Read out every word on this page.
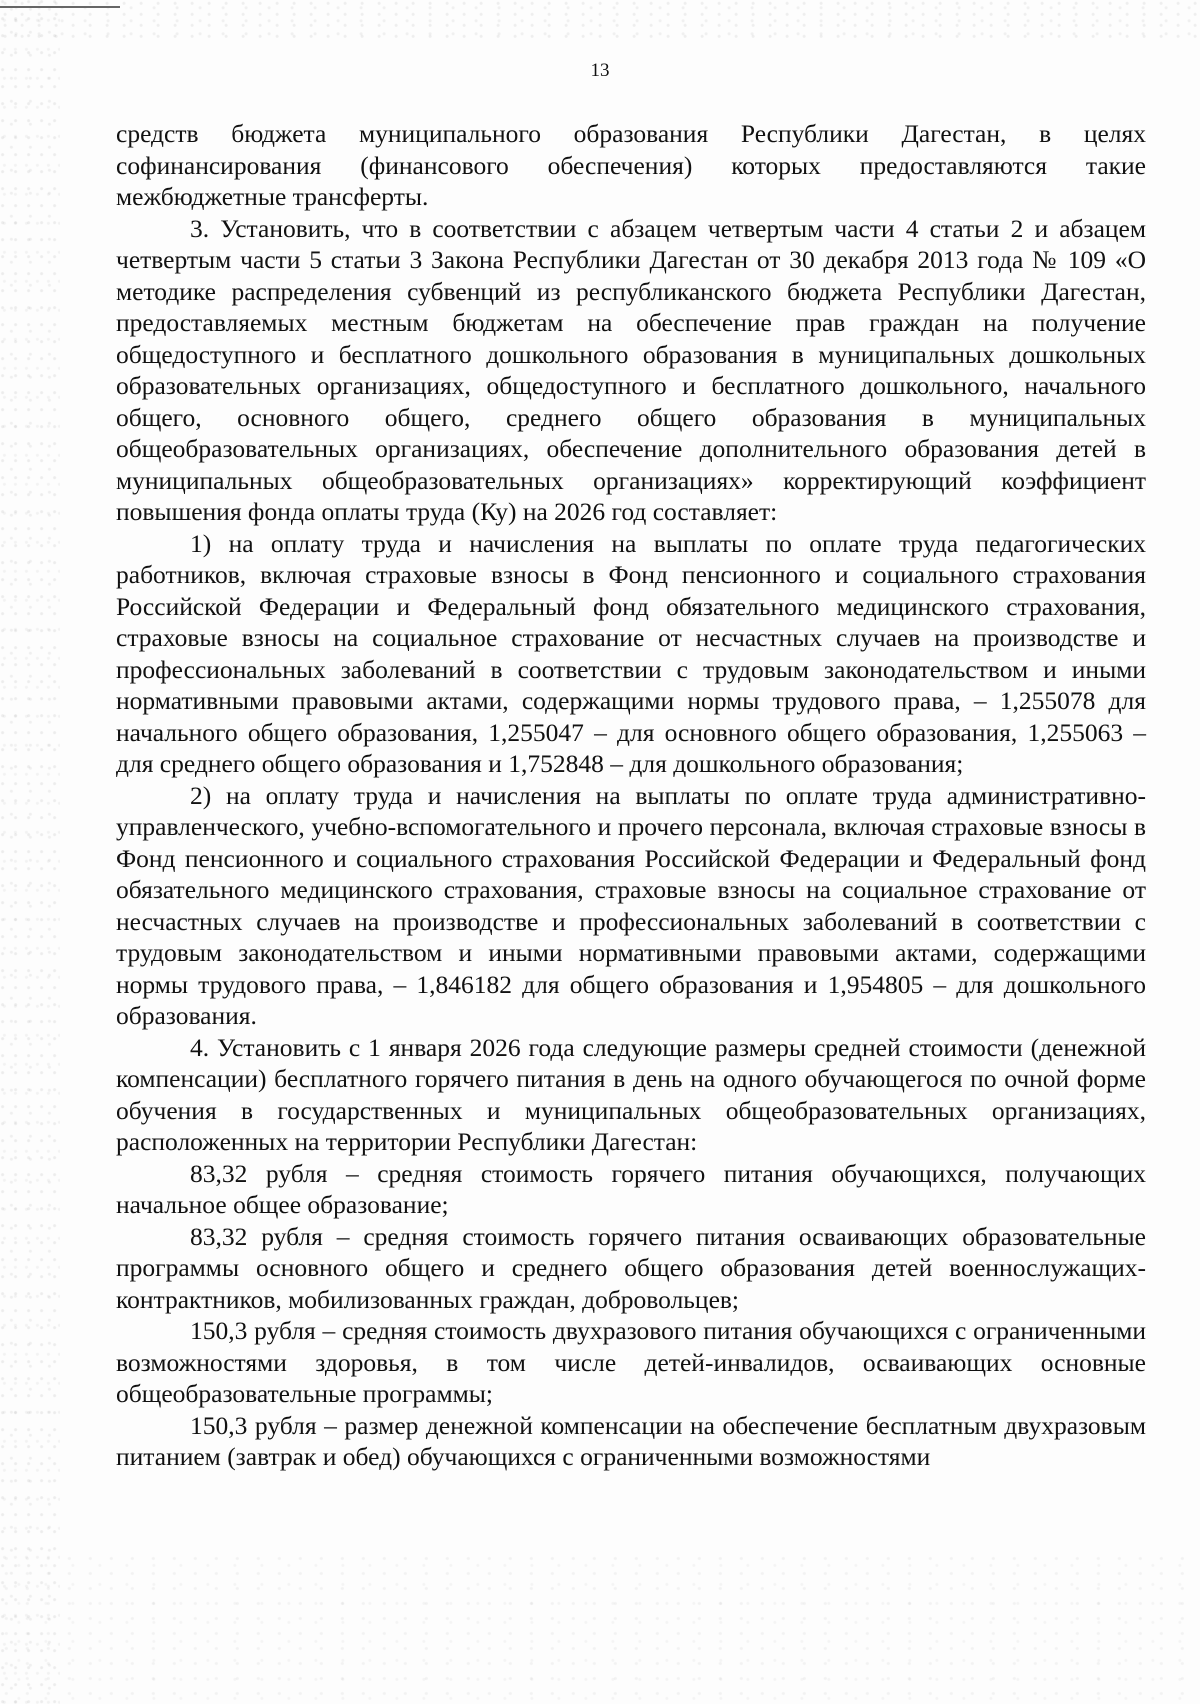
13

средств бюджета муниципального образования Республики Дагестан, в целях софинансирования (финансового обеспечения) которых предоставляются такие межбюджетные трансферты.

3. Установить, что в соответствии с абзацем четвертым части 4 статьи 2 и абзацем четвертым части 5 статьи 3 Закона Республики Дагестан от 30 декабря 2013 года № 109 «О методике распределения субвенций из республиканского бюджета Республики Дагестан, предоставляемых местным бюджетам на обеспечение прав граждан на получение общедоступного и бесплатного дошкольного образования в муниципальных дошкольных образовательных организациях, общедоступного и бесплатного дошкольного, начального общего, основного общего, среднего общего образования в муниципальных общеобразовательных организациях, обеспечение дополнительного образования детей в муниципальных общеобразовательных организациях» корректирующий коэффициент повышения фонда оплаты труда (Ку) на 2026 год составляет:

1) на оплату труда и начисления на выплаты по оплате труда педагогических работников, включая страховые взносы в Фонд пенсионного и социального страхования Российской Федерации и Федеральный фонд обязательного медицинского страхования, страховые взносы на социальное страхование от несчастных случаев на производстве и профессиональных заболеваний в соответствии с трудовым законодательством и иными нормативными правовыми актами, содержащими нормы трудового права, – 1,255078 для начального общего образования, 1,255047 – для основного общего образования, 1,255063 – для среднего общего образования и 1,752848 – для дошкольного образования;

2) на оплату труда и начисления на выплаты по оплате труда административно-управленческого, учебно-вспомогательного и прочего персонала, включая страховые взносы в Фонд пенсионного и социального страхования Российской Федерации и Федеральный фонд обязательного медицинского страхования, страховые взносы на социальное страхование от несчастных случаев на производстве и профессиональных заболеваний в соответствии с трудовым законодательством и иными нормативными правовыми актами, содержащими нормы трудового права, – 1,846182 для общего образования и 1,954805 – для дошкольного образования.

4. Установить с 1 января 2026 года следующие размеры средней стоимости (денежной компенсации) бесплатного горячего питания в день на одного обучающегося по очной форме обучения в государственных и муниципальных общеобразовательных организациях, расположенных на территории Республики Дагестан:

83,32 рубля – средняя стоимость горячего питания обучающихся, получающих начальное общее образование;

83,32 рубля – средняя стоимость горячего питания осваивающих образовательные программы основного общего и среднего общего образования детей военнослужащих-контрактников, мобилизованных граждан, добровольцев;

150,3 рубля – средняя стоимость двухразового питания обучающихся с ограниченными возможностями здоровья, в том числе детей-инвалидов, осваивающих основные общеобразовательные программы;

150,3 рубля – размер денежной компенсации на обеспечение бесплатным двухразовым питанием (завтрак и обед) обучающихся с ограниченными возможностями
